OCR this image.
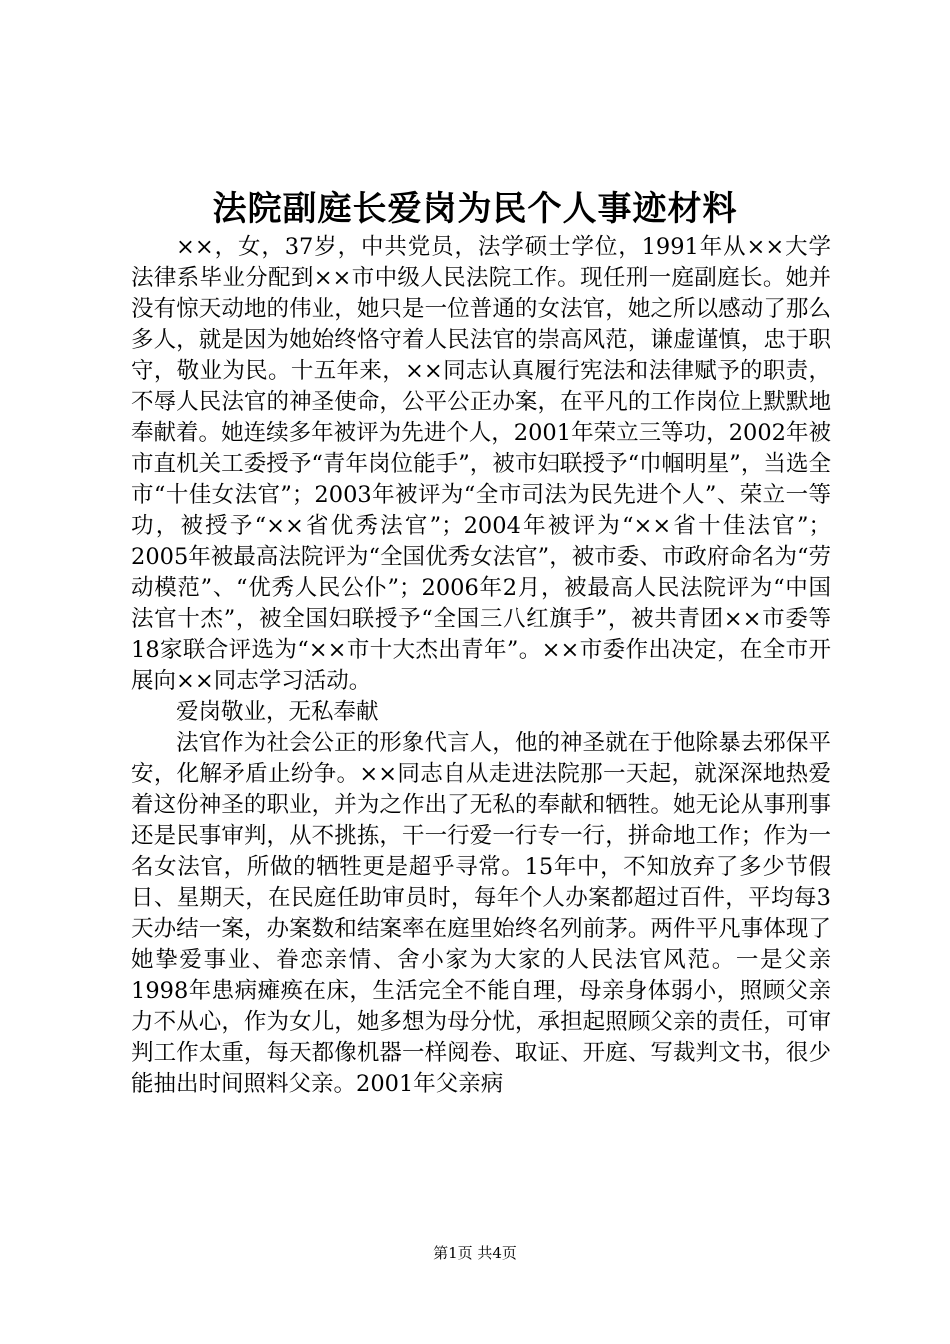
法院副庭长爱岗为民个人事迹材料

××，女，37岁，中共党员，法学硕士学位，1991年从××大学法律系毕业分配到××市中级人民法院工作。现任刑一庭副庭长。她并没有惊天动地的伟业，她只是一位普通的女法官，她之所以感动了那么多人，就是因为她始终恪守着人民法官的崇高风范，谦虚谨慎，忠于职守，敬业为民。十五年来，××同志认真履行宪法和法律赋予的职责，不辱人民法官的神圣使命，公平公正办案，在平凡的工作岗位上默默地奉献着。她连续多年被评为先进个人，2001年荣立三等功，2002年被市直机关工委授予“青年岗位能手”，被市妇联授予“巾帼明星”，当选全市“十佳女法官”；2003年被评为“全市司法为民先进个人”、荣立一等功，被授予“××省优秀法官”；2004年被评为“××省十佳法官”；2005年被最高法院评为“全国优秀女法官”，被市委、市政府命名为“劳动模范”、“优秀人民公仆”；2006年2月，被最高人民法院评为“中国法官十杰”，被全国妇联授予“全国三八红旗手”，被共青团××市委等18家联合评选为“××市十大杰出青年”。××市委作出决定，在全市开展向××同志学习活动。

爱岗敬业，无私奉献

法官作为社会公正的形象代言人，他的神圣就在于他除暴去邪保平安，化解矛盾止纷争。××同志自从走进法院那一天起，就深深地热爱着这份神圣的职业，并为之作出了无私的奉献和牺牲。她无论从事刑事还是民事审判，从不挑拣，干一行爱一行专一行，拼命地工作；作为一名女法官，所做的牺牲更是超乎寻常。15年中，不知放弃了多少节假日、星期天，在民庭任助审员时，每年个人办案都超过百件，平均每3天办结一案，办案数和结案率在庭里始终名列前茅。两件平凡事体现了她挚爱事业、眷恋亲情、舍小家为大家的人民法官风范。一是父亲1998年患病瘫痪在床，生活完全不能自理，母亲身体弱小，照顾父亲力不从心，作为女儿，她多想为母分忧，承担起照顾父亲的责任，可审判工作太重，每天都像机器一样阅卷、取证、开庭、写裁判文书，很少能抽出时间照料父亲。2001年父亲病

第1页 共4页
